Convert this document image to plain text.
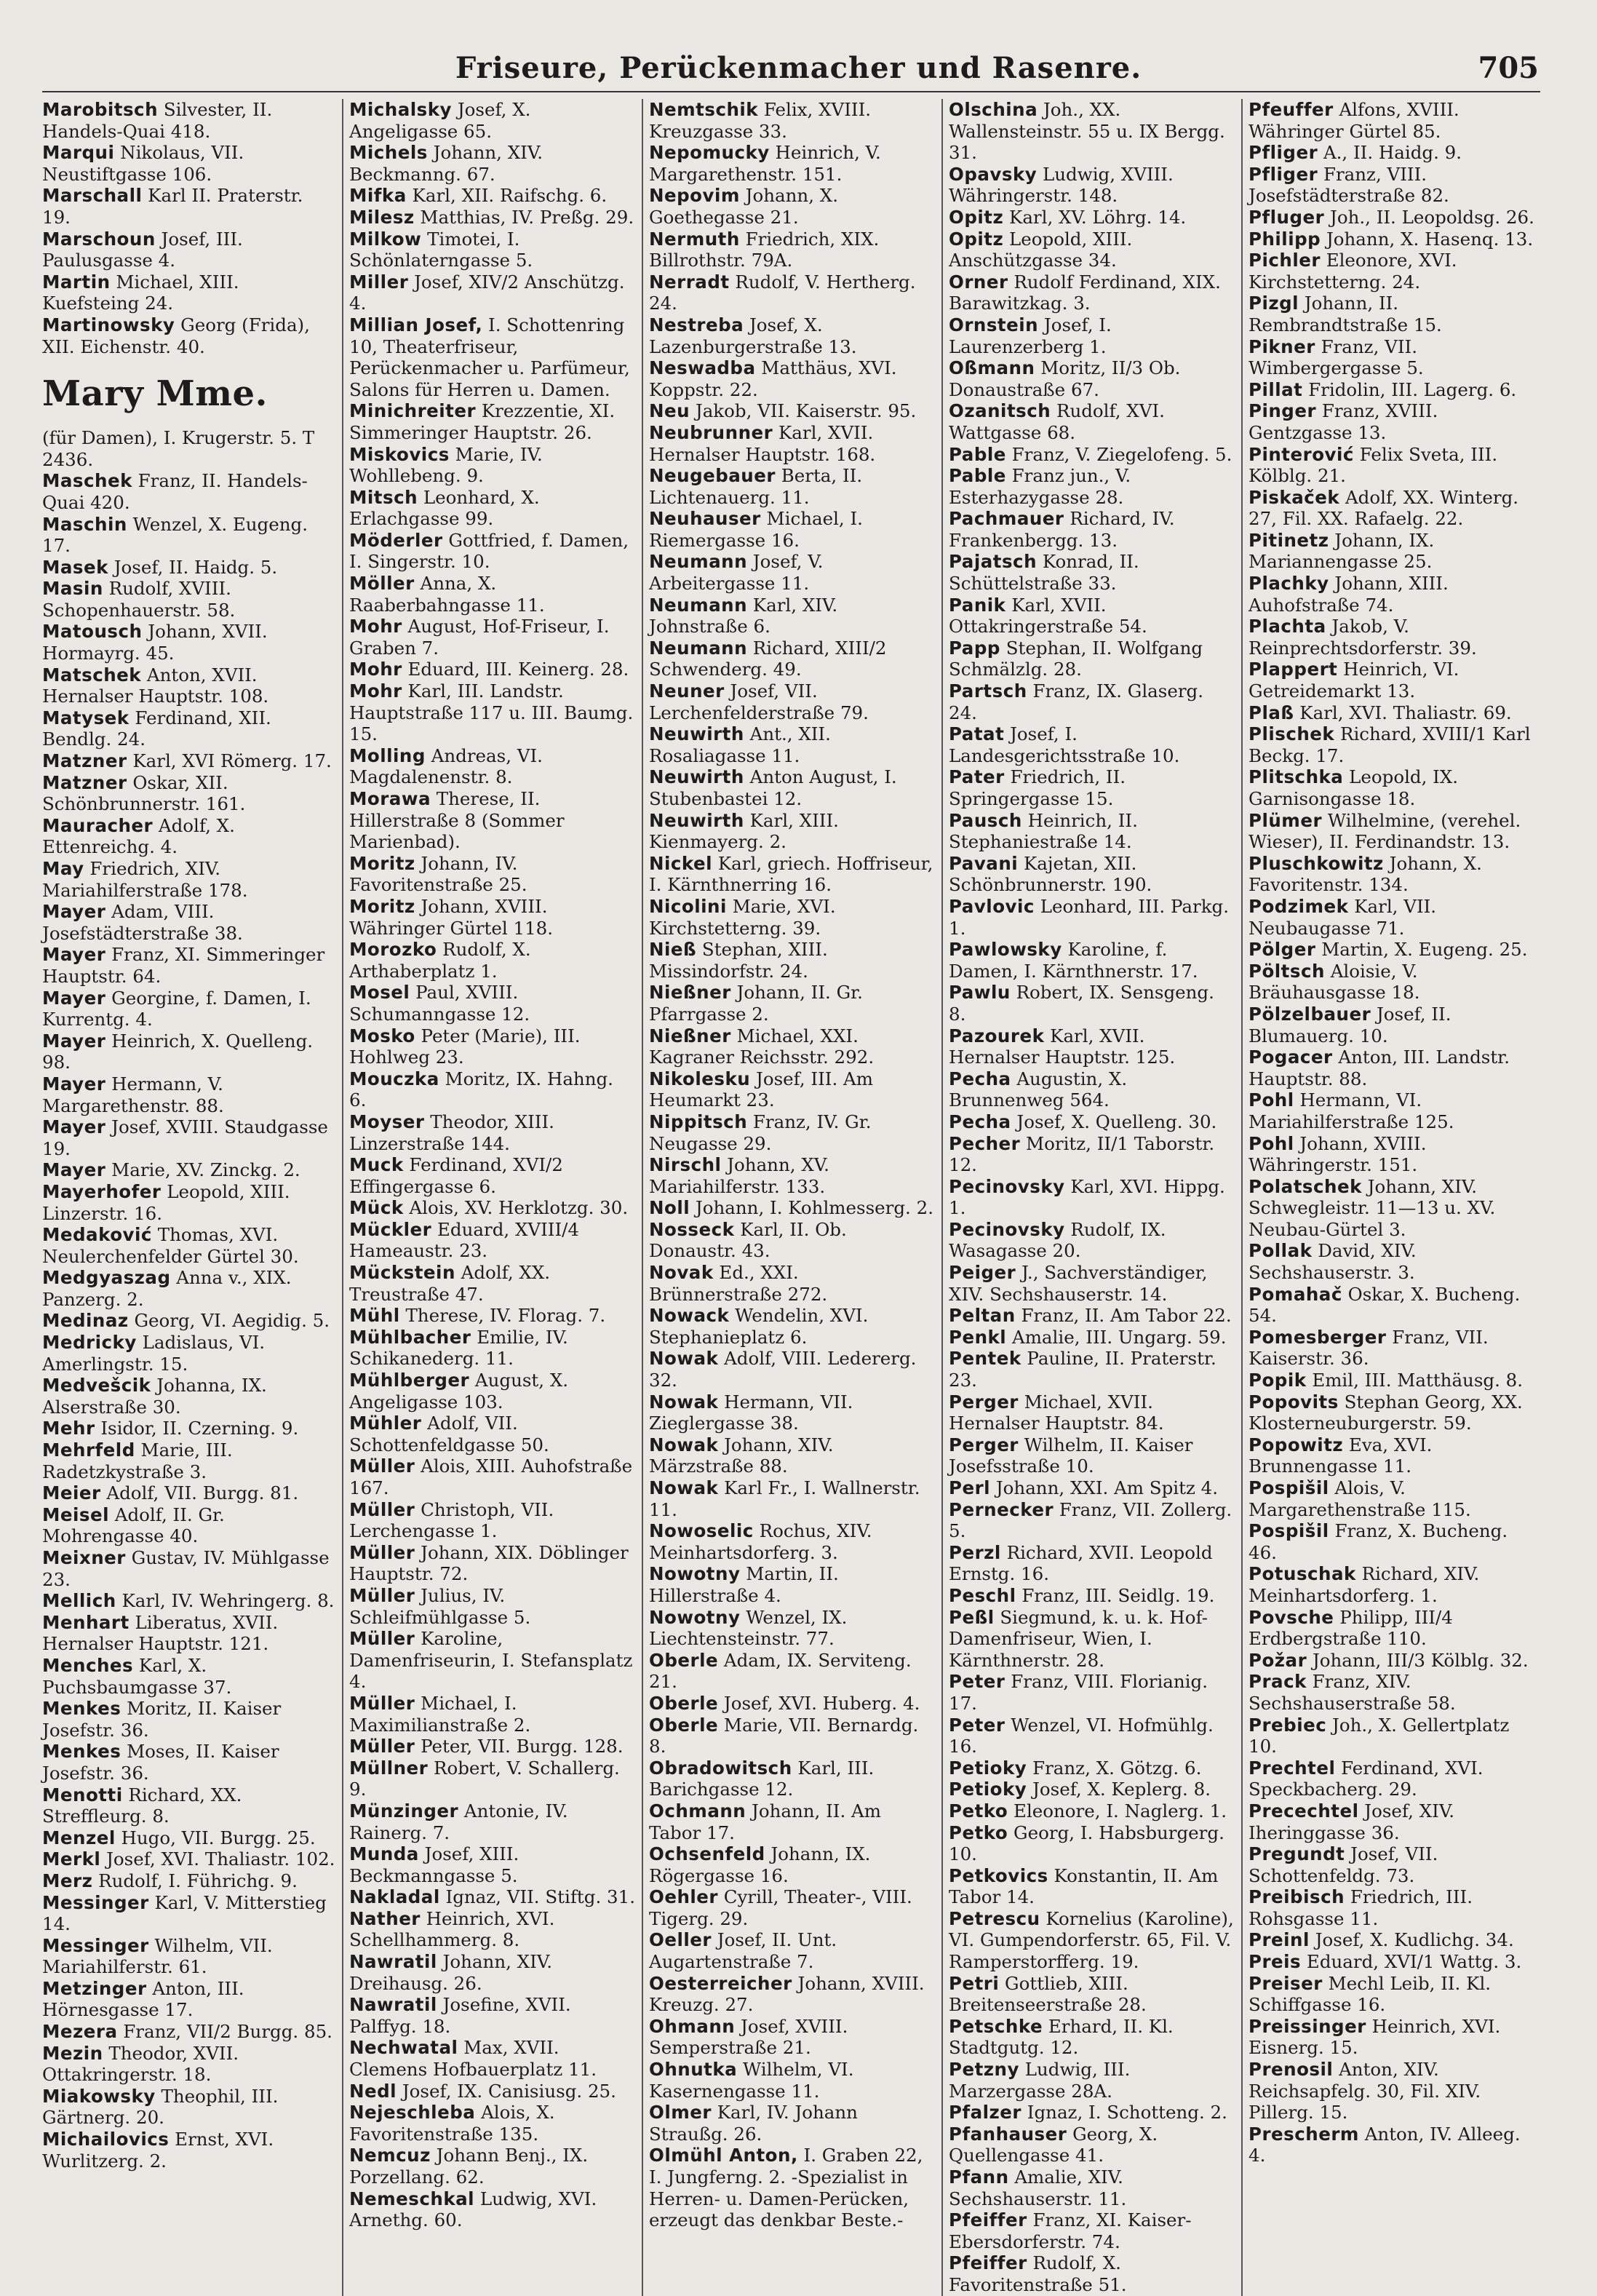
Friseure, Perückenmacher und Rasenre.	705

Marobitsch Silvester, II. Handels-Quai 418.

Marqui Nikolaus, VII. Neustiftgasse 106.

Marschall Karl II. Praterstr. 19.

Marschoun Josef, III. Paulusgasse 4.

Martin Michael, XIII. Kuefsteing 24.

Martinowsky Georg (Frida), XII. Eichenstr. 40.

Mary Mme.

(für Damen), I. Krugerstr. 5. T 2436.

Maschek Franz, II. Handels-Quai 420.

Maschin Wenzel, X. Eugeng. 17.

Masek Josef, II. Haidg. 5.

Masin Rudolf, XVIII. Schopenhauerstr. 58.

Matousch Johann, XVII. Hormayrg. 45.

Matschek Anton, XVII. Hernalser Hauptstr. 108.

Matysek Ferdinand, XII. Bendlg. 24.

Matzner Karl, XVI Römerg. 17.

Matzner Oskar, XII. Schönbrunnerstr. 161.

Mauracher Adolf, X. Ettenreichg. 4.

May Friedrich, XIV. Mariahilferstraße 178.

Mayer Adam, VIII. Josefstädterstraße 38.

Mayer Franz, XI. Simmeringer Hauptstr. 64.

Mayer Georgine, f. Damen, I. Kurrentg. 4.

Mayer Heinrich, X. Quelleng. 98.

Mayer Hermann, V. Margarethenstr. 88.

Mayer Josef, XVIII. Staudgasse 19.

Mayer Marie, XV. Zinckg. 2.

Mayerhofer Leopold, XIII. Linzerstr. 16.

Medaković Thomas, XVI. Neulerchenfelder Gürtel 30.

Medgyaszag Anna v., XIX. Panzerg. 2.

Medinaz Georg, VI. Aegidig. 5.

Medricky Ladislaus, VI. Amerlingstr. 15.

Medvešcik Johanna, IX. Alserstraße 30.

Mehr Isidor, II. Czerning. 9.

Mehrfeld Marie, III. Radetzkystraße 3.

Meier Adolf, VII. Burgg. 81.

Meisel Adolf, II. Gr. Mohrengasse 40.

Meixner Gustav, IV. Mühlgasse 23.

Mellich Karl, IV. Wehringerg. 8.

Menhart Liberatus, XVII. Hernalser Hauptstr. 121.

Menches Karl, X. Puchsbaumgasse 37.

Menkes Moritz, II. Kaiser Josefstr. 36.

Menkes Moses, II. Kaiser Josefstr. 36.

Menotti Richard, XX. Streffleurg. 8.

Menzel Hugo, VII. Burgg. 25.

Merkl Josef, XVI. Thaliastr. 102.

Merz Rudolf, I. Führichg. 9.

Messinger Karl, V. Mitterstieg 14.

Messinger Wilhelm, VII. Mariahilferstr. 61.

Metzinger Anton, III. Hörnesgasse 17.

Mezera Franz, VII/2 Burgg. 85.

Mezin Theodor, XVII. Ottakringerstr. 18.

Miakowsky Theophil, III. Gärtnerg. 20.

Michailovics Ernst, XVI. Wurlitzerg. 2.

Michalsky Josef, X. Angeligasse 65.

Michels Johann, XIV. Beckmanng. 67.

Mifka Karl, XII. Raifschg. 6.

Milesz Matthias, IV. Preßg. 29.

Milkow Timotei, I. Schönlaterngasse 5.

Miller Josef, XIV/2 Anschützg. 4.

Millian Josef, I. Schottenring 10, Theaterfriseur, Perückenmacher u. Parfümeur, Salons für Herren u. Damen.

Minichreiter Krezzentie, XI. Simmeringer Hauptstr. 26.

Miskovics Marie, IV. Wohllebeng. 9.

Mitsch Leonhard, X. Erlachgasse 99.

Möderler Gottfried, f. Damen, I. Singerstr. 10.

Möller Anna, X. Raaberbahngasse 11.

Mohr August, Hof-Friseur, I. Graben 7.

Mohr Eduard, III. Keinerg. 28.

Mohr Karl, III. Landstr. Hauptstraße 117 u. III. Baumg. 15.

Molling Andreas, VI. Magdalenenstr. 8.

Morawa Therese, II. Hillerstraße 8 (Sommer Marienbad).

Moritz Johann, IV. Favoritenstraße 25.

Moritz Johann, XVIII. Währinger Gürtel 118.

Morozko Rudolf, X. Arthaberplatz 1.

Mosel Paul, XVIII. Schumanngasse 12.

Mosko Peter (Marie), III. Hohlweg 23.

Mouczka Moritz, IX. Hahng. 6.

Moyser Theodor, XIII. Linzerstraße 144.

Muck Ferdinand, XVI/2 Effingergasse 6.

Mück Alois, XV. Herklotzg. 30.

Mückler Eduard, XVIII/4 Hameaustr. 23.

Mückstein Adolf, XX. Treustraße 47.

Mühl Therese, IV. Florag. 7.

Mühlbacher Emilie, IV. Schikanederg. 11.

Mühlberger August, X. Angeligasse 103.

Mühler Adolf, VII. Schottenfeldgasse 50.

Müller Alois, XIII. Auhofstraße 167.

Müller Christoph, VII. Lerchengasse 1.

Müller Johann, XIX. Döblinger Hauptstr. 72.

Müller Julius, IV. Schleifmühlgasse 5.

Müller Karoline, Damenfriseurin, I. Stefansplatz 4.

Müller Michael, I. Maximilianstraße 2.

Müller Peter, VII. Burgg. 128.

Müllner Robert, V. Schallerg. 9.

Münzinger Antonie, IV. Rainerg. 7.

Munda Josef, XIII. Beckmanngasse 5.

Nakladal Ignaz, VII. Stiftg. 31.

Nather Heinrich, XVI. Schellhammerg. 8.

Nawratil Johann, XIV. Dreihausg. 26.

Nawratil Josefine, XVII. Palffyg. 18.

Nechwatal Max, XVII. Clemens Hofbauerplatz 11.

Nedl Josef, IX. Canisiusg. 25.

Nejeschleba Alois, X. Favoritenstraße 135.

Nemcuz Johann Benj., IX. Porzellang. 62.

Nemeschkal Ludwig, XVI. Arnethg. 60.

Nemtschik Felix, XVIII. Kreuzgasse 33.

Nepomucky Heinrich, V. Margarethenstr. 151.

Nepovim Johann, X. Goethegasse 21.

Nermuth Friedrich, XIX. Billrothstr. 79A.

Nerradt Rudolf, V. Hertherg. 24.

Nestreba Josef, X. Lazenburgerstraße 13.

Neswadba Matthäus, XVI. Koppstr. 22.

Neu Jakob, VII. Kaiserstr. 95.

Neubrunner Karl, XVII. Hernalser Hauptstr. 168.

Neugebauer Berta, II. Lichtenauerg. 11.

Neuhauser Michael, I. Riemergasse 16.

Neumann Josef, V. Arbeitergasse 11.

Neumann Karl, XIV. Johnstraße 6.

Neumann Richard, XIII/2 Schwenderg. 49.

Neuner Josef, VII. Lerchenfelderstraße 79.

Neuwirth Ant., XII. Rosaliagasse 11.

Neuwirth Anton August, I. Stubenbastei 12.

Neuwirth Karl, XIII. Kienmayerg. 2.

Nickel Karl, griech. Hoffriseur, I. Kärnthnerring 16.

Nicolini Marie, XVI. Kirchstetterng. 39.

Nieß Stephan, XIII. Missindorfstr. 24.

Nießner Johann, II. Gr. Pfarrgasse 2.

Nießner Michael, XXI. Kagraner Reichsstr. 292.

Nikolesku Josef, III. Am Heumarkt 23.

Nippitsch Franz, IV. Gr. Neugasse 29.

Nirschl Johann, XV. Mariahilferstr. 133.

Noll Johann, I. Kohlmesserg. 2.

Nosseck Karl, II. Ob. Donaustr. 43.

Novak Ed., XXI. Brünnerstraße 272.

Nowack Wendelin, XVI. Stephanieplatz 6.

Nowak Adolf, VIII. Ledererg. 32.

Nowak Hermann, VII. Zieglergasse 38.

Nowak Johann, XIV. Märzstraße 88.

Nowak Karl Fr., I. Wallnerstr. 11.

Nowoselic Rochus, XIV. Meinhartsdorferg. 3.

Nowotny Martin, II. Hillerstraße 4.

Nowotny Wenzel, IX. Liechtensteinstr. 77.

Oberle Adam, IX. Serviteng. 21.

Oberle Josef, XVI. Huberg. 4.

Oberle Marie, VII. Bernardg. 8.

Obradowitsch Karl, III. Barichgasse 12.

Ochmann Johann, II. Am Tabor 17.

Ochsenfeld Johann, IX. Rögergasse 16.

Oehler Cyrill, Theater-, VIII. Tigerg. 29.

Oeller Josef, II. Unt. Augartenstraße 7.

Oesterreicher Johann, XVIII. Kreuzg. 27.

Ohmann Josef, XVIII. Semperstraße 21.

Ohnutka Wilhelm, VI. Kasernengasse 11.

Olmer Karl, IV. Johann Straußg. 26.

Olmühl Anton, I. Graben 22, I. Jungferng. 2. -Spezialist in Herren- u. Damen-Perücken, erzeugt das denkbar Beste.-

Olschina Joh., XX. Wallensteinstr. 55 u. IX Bergg. 31.

Opavsky Ludwig, XVIII. Währingerstr. 148.

Opitz Karl, XV. Löhrg. 14.

Opitz Leopold, XIII. Anschützgasse 34.

Orner Rudolf Ferdinand, XIX. Barawitzkag. 3.

Ornstein Josef, I. Laurenzerberg 1.

Oßmann Moritz, II/3 Ob. Donaustraße 67.

Ozanitsch Rudolf, XVI. Wattgasse 68.

Pable Franz, V. Ziegelofeng. 5.

Pable Franz jun., V. Esterhazygasse 28.

Pachmauer Richard, IV. Frankenbergg. 13.

Pajatsch Konrad, II. Schüttelstraße 33.

Panik Karl, XVII. Ottakringerstraße 54.

Papp Stephan, II. Wolfgang Schmälzlg. 28.

Partsch Franz, IX. Glaserg. 24.

Patat Josef, I. Landesgerichtsstraße 10.

Pater Friedrich, II. Springergasse 15.

Pausch Heinrich, II. Stephaniestraße 14.

Pavani Kajetan, XII. Schönbrunnerstr. 190.

Pavlovic Leonhard, III. Parkg. 1.

Pawlowsky Karoline, f. Damen, I. Kärnthnerstr. 17.

Pawlu Robert, IX. Sensgeng. 8.

Pazourek Karl, XVII. Hernalser Hauptstr. 125.

Pecha Augustin, X. Brunnenweg 564.

Pecha Josef, X. Quelleng. 30.

Pecher Moritz, II/1 Taborstr. 12.

Pecinovsky Karl, XVI. Hippg. 1.

Pecinovsky Rudolf, IX. Wasagasse 20.

Peiger J., Sachverständiger, XIV. Sechshauserstr. 14.

Peltan Franz, II. Am Tabor 22.

Penkl Amalie, III. Ungarg. 59.

Pentek Pauline, II. Praterstr. 23.

Perger Michael, XVII. Hernalser Hauptstr. 84.

Perger Wilhelm, II. Kaiser Josefsstraße 10.

Perl Johann, XXI. Am Spitz 4.

Pernecker Franz, VII. Zollerg. 5.

Perzl Richard, XVII. Leopold Ernstg. 16.

Peschl Franz, III. Seidlg. 19.

Peßl Siegmund, k. u. k. Hof-Damenfriseur, Wien, I. Kärnthnerstr. 28.

Peter Franz, VIII. Florianig. 17.

Peter Wenzel, VI. Hofmühlg. 16.

Petioky Franz, X. Götzg. 6.

Petioky Josef, X. Keplerg. 8.

Petko Eleonore, I. Naglerg. 1.

Petko Georg, I. Habsburgerg. 10.

Petkovics Konstantin, II. Am Tabor 14.

Petrescu Kornelius (Karoline), VI. Gumpendorferstr. 65, Fil. V. Ramperstorfferg. 19.

Petri Gottlieb, XIII. Breitenseerstraße 28.

Petschke Erhard, II. Kl. Stadtgutg. 12.

Petzny Ludwig, III. Marzergasse 28A.

Pfalzer Ignaz, I. Schotteng. 2.

Pfanhauser Georg, X. Quellengasse 41.

Pfann Amalie, XIV. Sechshauserstr. 11.

Pfeiffer Franz, XI. Kaiser-Ebersdorferstr. 74.

Pfeiffer Rudolf, X. Favoritenstraße 51.

Pfeuffer Alfons, XVIII. Währinger Gürtel 85.

Pfliger A., II. Haidg. 9.

Pfliger Franz, VIII. Josefstädterstraße 82.

Pfluger Joh., II. Leopoldsg. 26.

Philipp Johann, X. Hasenq. 13.

Pichler Eleonore, XVI. Kirchstetterng. 24.

Pizgl Johann, II. Rembrandtstraße 15.

Pikner Franz, VII. Wimbergergasse 5.

Pillat Fridolin, III. Lagerg. 6.

Pinger Franz, XVIII. Gentzgasse 13.

Pinterović Felix Sveta, III. Kölblg. 21.

Piskaček Adolf, XX. Winterg. 27, Fil. XX. Rafaelg. 22.

Pitinetz Johann, IX. Mariannengasse 25.

Plachky Johann, XIII. Auhofstraße 74.

Plachta Jakob, V. Reinprechtsdorferstr. 39.

Plappert Heinrich, VI. Getreidemarkt 13.

Plaß Karl, XVI. Thaliastr. 69.

Plischek Richard, XVIII/1 Karl Beckg. 17.

Plitschka Leopold, IX. Garnisongasse 18.

Plümer Wilhelmine, (verehel. Wieser), II. Ferdinandstr. 13.

Pluschkowitz Johann, X. Favoritenstr. 134.

Podzimek Karl, VII. Neubaugasse 71.

Pölger Martin, X. Eugeng. 25.

Pöltsch Aloisie, V. Bräuhausgasse 18.

Pölzelbauer Josef, II. Blumauerg. 10.

Pogacer Anton, III. Landstr. Hauptstr. 88.

Pohl Hermann, VI. Mariahilferstraße 125.

Pohl Johann, XVIII. Währingerstr. 151.

Polatschek Johann, XIV. Schwegleistr. 11—13 u. XV. Neubau-Gürtel 3.

Pollak David, XIV. Sechshauserstr. 3.

Pomahač Oskar, X. Bucheng. 54.

Pomesberger Franz, VII. Kaiserstr. 36.

Popik Emil, III. Matthäusg. 8.

Popovits Stephan Georg, XX. Klosterneuburgerstr. 59.

Popowitz Eva, XVI. Brunnengasse 11.

Pospišil Alois, V. Margarethenstraße 115.

Pospišil Franz, X. Bucheng. 46.

Potuschak Richard, XIV. Meinhartsdorferg. 1.

Povsche Philipp, III/4 Erdbergstraße 110.

Požar Johann, III/3 Kölblg. 32.

Prack Franz, XIV. Sechshauserstraße 58.

Prebiec Joh., X. Gellertplatz 10.

Prechtel Ferdinand, XVI. Speckbacherg. 29.

Precechtel Josef, XIV. Iheringgasse 36.

Pregundt Josef, VII. Schottenfeldg. 73.

Preibisch Friedrich, III. Rohsgasse 11.

Preinl Josef, X. Kudlichg. 34.

Preis Eduard, XVI/1 Wattg. 3.

Preiser Mechl Leib, II. Kl. Schiffgasse 16.

Preissinger Heinrich, XVI. Eisnerg. 15.

Prenosil Anton, XIV. Reichsapfelg. 30, Fil. XIV. Pillerg. 15.

Prescherm Anton, IV. Alleeg. 4.
